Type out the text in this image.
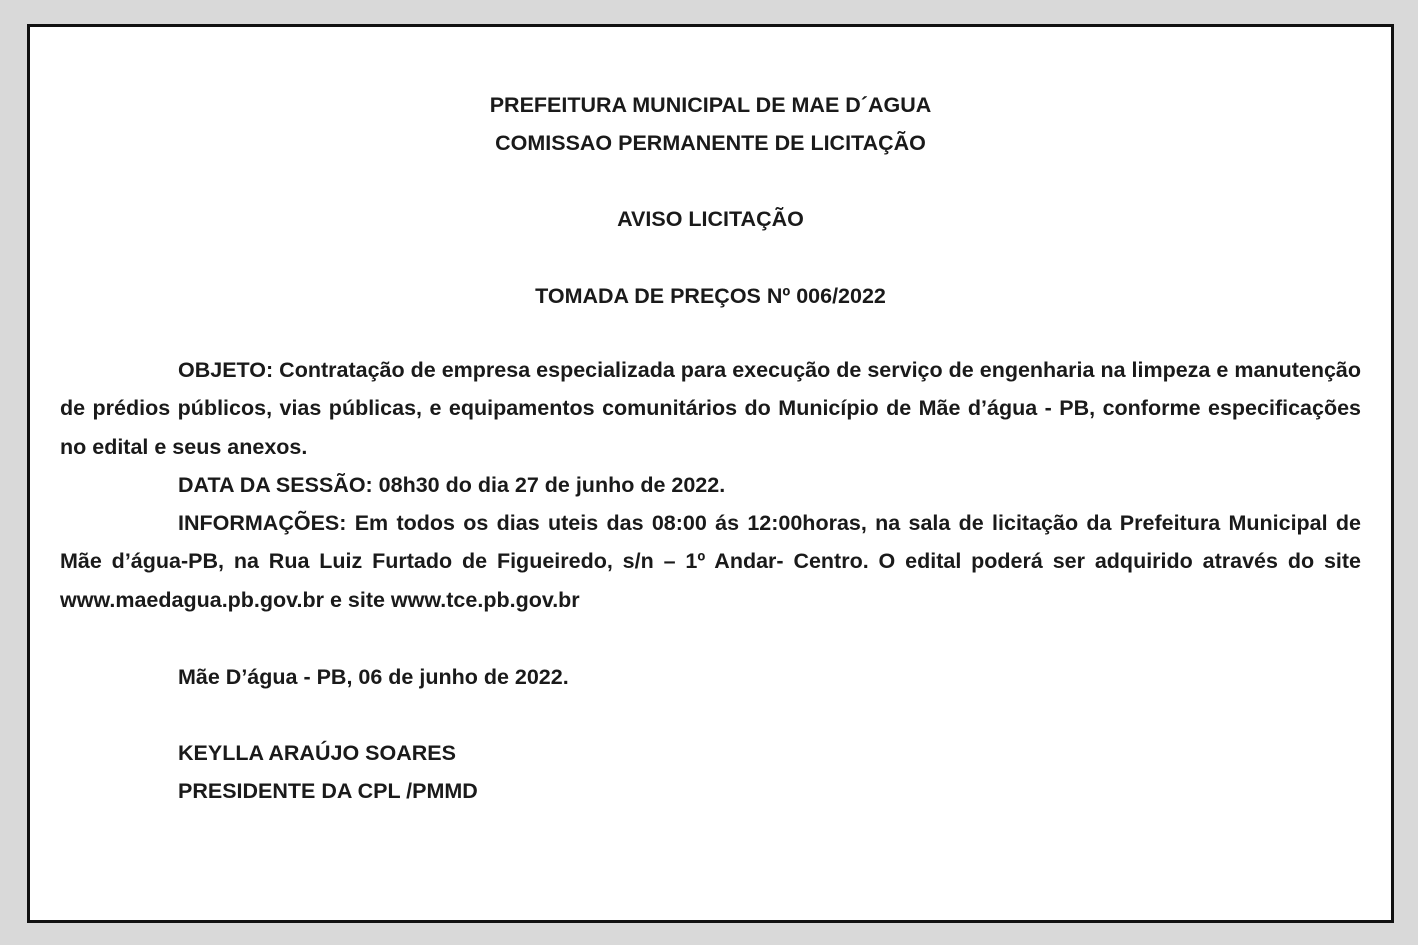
PREFEITURA MUNICIPAL DE MAE D´AGUA
COMISSAO PERMANENTE DE LICITAÇÃO
AVISO LICITAÇÃO
TOMADA DE PREÇOS Nº 006/2022

OBJETO: Contratação de empresa especializada para execução de serviço de engenharia na limpeza e manutenção de prédios públicos, vias públicas, e equipamentos comunitários do Município de Mãe d’água - PB, conforme especificações no edital e seus anexos.

DATA DA SESSÃO: 08h30 do dia 27 de junho de 2022.

INFORMAÇÕES: Em todos os dias uteis das 08:00 ás 12:00horas, na sala de licitação da Prefeitura Municipal de Mãe d’água-PB, na Rua Luiz Furtado de Figueiredo, s/n – 1º Andar- Centro. O edital poderá ser adquirido através do site www.maedagua.pb.gov.br e site www.tce.pb.gov.br

Mãe D’água - PB, 06 de junho de 2022.
KEYLLA ARAÚJO SOARES
PRESIDENTE DA CPL /PMMD
